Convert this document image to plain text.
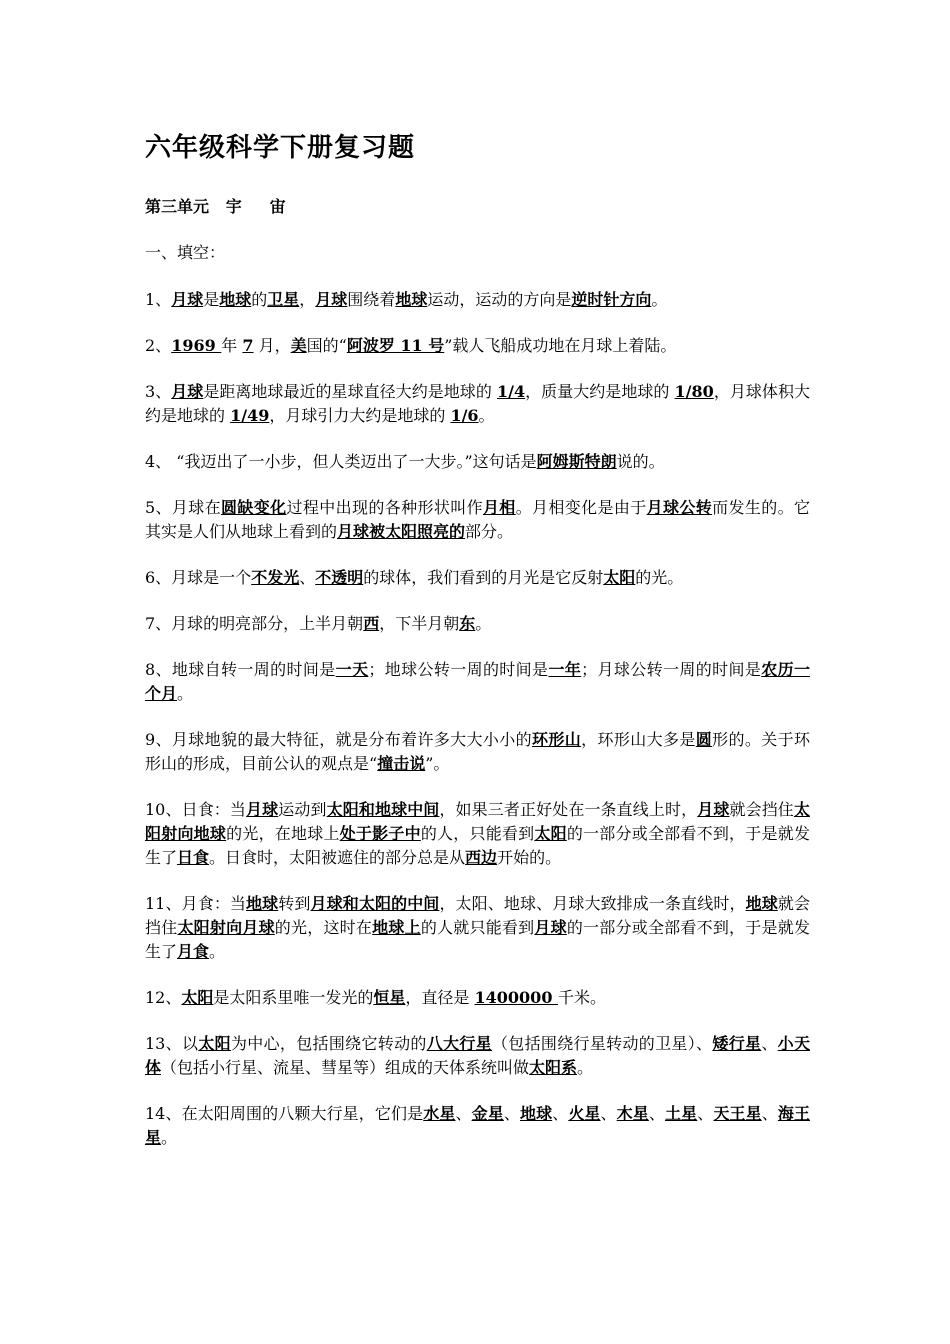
六年级科学下册复习题
第三单元   宇     宙
一、填空：
1、月球是地球的卫星，月球围绕着地球运动，运动的方向是逆时针方向。
2、1969 年 7 月，美国的“阿波罗 11 号”载人飞船成功地在月球上着陆。
3、月球是距离地球最近的星球直径大约是地球的 1/4，质量大约是地球的 1/80，月球体积大约是地球的 1/49，月球引力大约是地球的 1/6。
4、 “我迈出了一小步，但人类迈出了一大步。”这句话是阿姆斯特朗说的。
5、月球在圆缺变化过程中出现的各种形状叫作月相。月相变化是由于月球公转而发生的。它其实是人们从地球上看到的月球被太阳照亮的部分。
6、月球是一个不发光、不透明的球体，我们看到的月光是它反射太阳的光。
7、月球的明亮部分，上半月朝西，下半月朝东。
8、地球自转一周的时间是一天；地球公转一周的时间是一年；月球公转一周的时间是农历一个月。
9、月球地貌的最大特征，就是分布着许多大大小小的环形山，环形山大多是圆形的。关于环形山的形成，目前公认的观点是“撞击说”。
10、日食：当月球运动到太阳和地球中间，如果三者正好处在一条直线上时，月球就会挡住太阳射向地球的光，在地球上处于影子中的人，只能看到太阳的一部分或全部看不到，于是就发生了日食。日食时，太阳被遮住的部分总是从西边开始的。
11、月食：当地球转到月球和太阳的中间，太阳、地球、月球大致排成一条直线时，地球就会挡住太阳射向月球的光，这时在地球上的人就只能看到月球的一部分或全部看不到，于是就发生了月食。
12、太阳是太阳系里唯一发光的恒星，直径是 1400000 千米。
13、以太阳为中心，包括围绕它转动的八大行星（包括围绕行星转动的卫星）、矮行星、小天体（包括小行星、流星、彗星等）组成的天体系统叫做太阳系。
14、在太阳周围的八颗大行星，它们是水星、金星、地球、火星、木星、土星、天王星、海王星。
